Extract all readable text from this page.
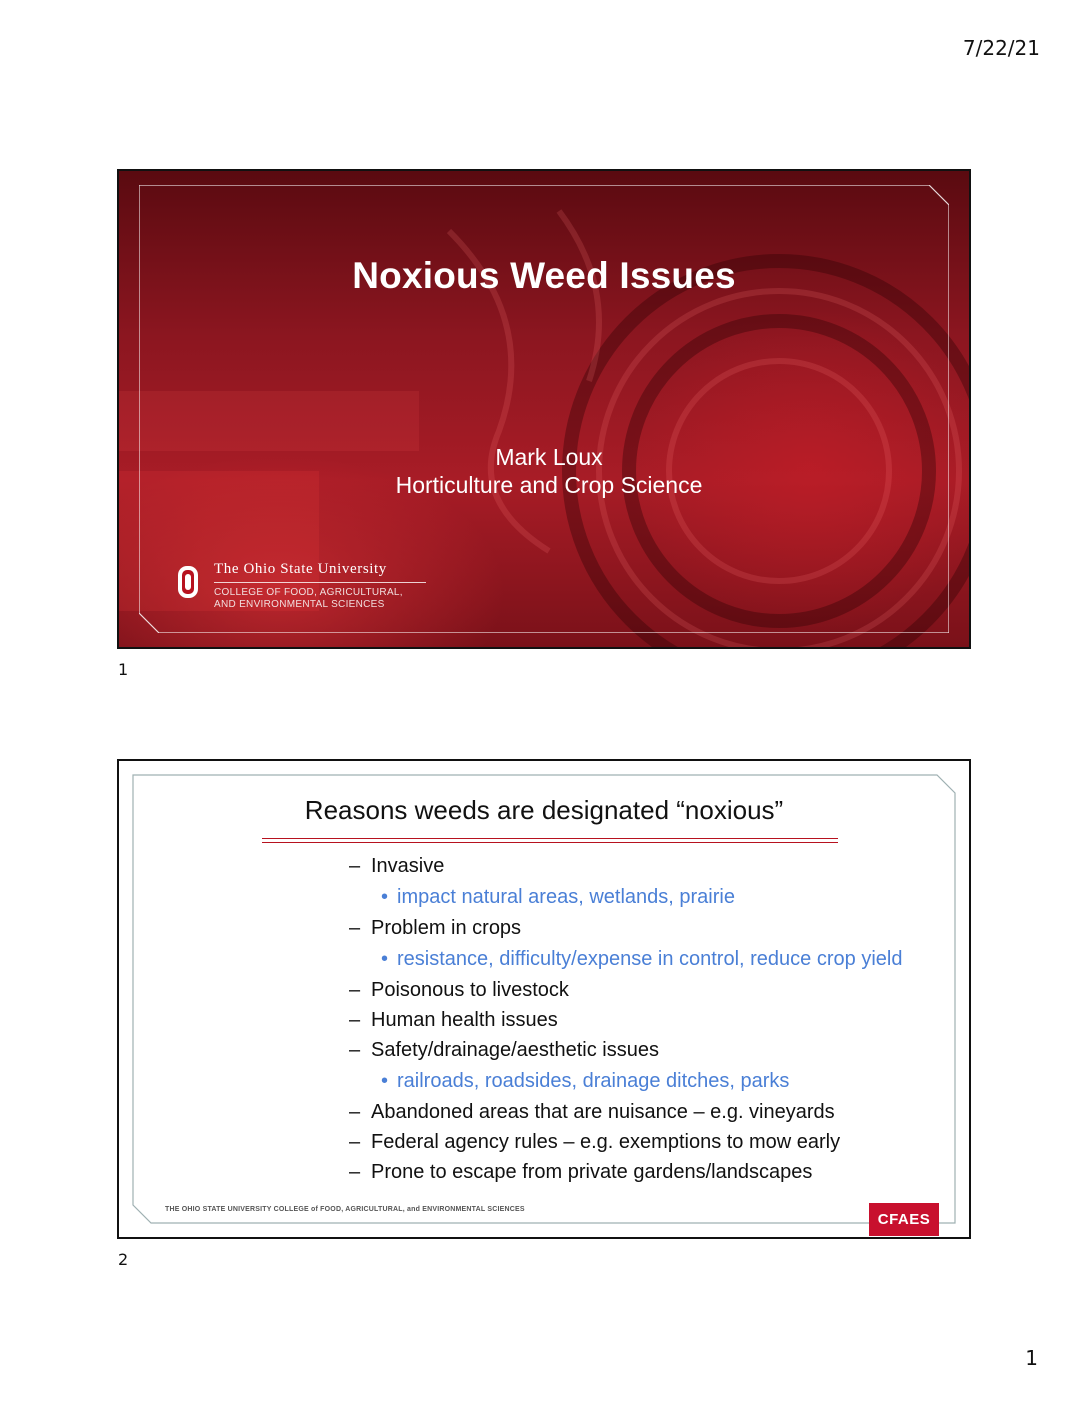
7/22/21
Noxious Weed Issues
Mark Loux
Horticulture and Crop Science
The Ohio State University
COLLEGE OF FOOD, AGRICULTURAL,
AND ENVIRONMENTAL SCIENCES
1
Reasons weeds are designated “noxious”
– Invasive
• impact natural areas, wetlands, prairie
– Problem in crops
• resistance, difficulty/expense in control, reduce crop yield
– Poisonous to livestock
– Human health issues
– Safety/drainage/aesthetic issues
• railroads, roadsides, drainage ditches, parks
– Abandoned areas that are nuisance – e.g. vineyards
– Federal agency rules – e.g. exemptions to mow early
– Prone to escape from private gardens/landscapes
THE OHIO STATE UNIVERSITY COLLEGE of FOOD, AGRICULTURAL, and ENVIRONMENTAL SCIENCES
CFAES
2
1
